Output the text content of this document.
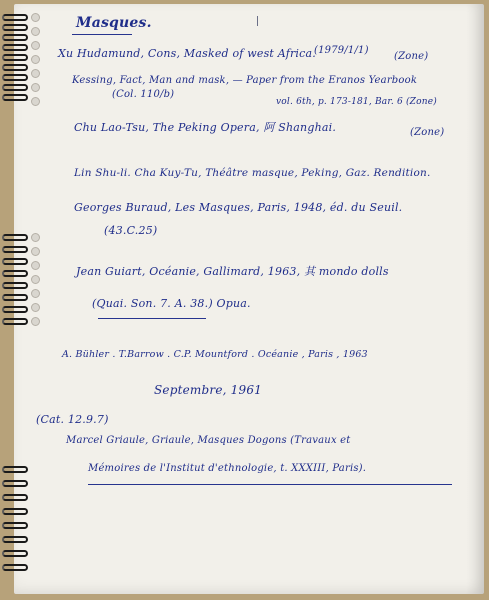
Masques.
Xu Hudamund, Cons, Masked of west Africa.
(1979/1/1)
(Zone)
Kessing, Fact, Man and mask, — Paper from the Eranos Yearbook
(Col. 110/b)
vol. 6th, p. 173-181, Bar. 6 (Zone)
Chu Lao-Tsu, The Peking Opera, 阿 Shanghai.	(Zone)
Lin Shu-li. Cha Kuy-Tu, Théâtre masque, Peking, Gaz. Rendition.
Georges Buraud, Les Masques, Paris, 1948, éd. du Seuil.
(43.C.25)
Jean Guiart, Océanie, Gallimard, 1963, 其 mondo dolls
(Quai. Son. 7. A. 38.) Opua.
A. Bühler . T.Barrow . C.P. Mountford . Océanie , Paris , 1963
Septembre, 1961
(Cat. 12.9.7)
Marcel Griaule, Griaule, Masques Dogons (Travaux et
Mémoires de l'Institut d'ethnologie, t. XXXIII, Paris).
